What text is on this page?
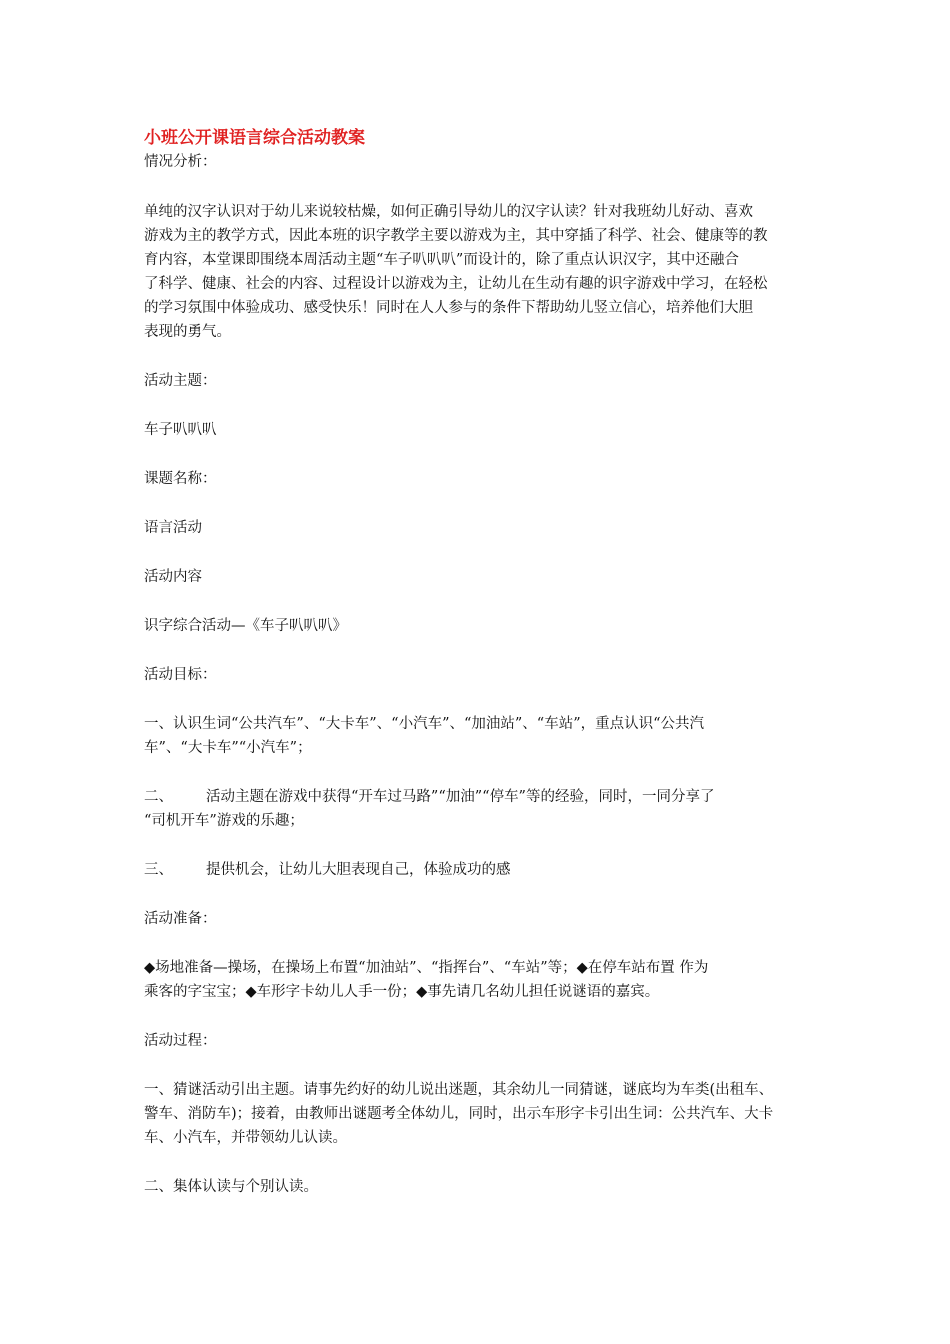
小班公开课语言综合活动教案

情况分析：

单纯的汉字认识对于幼儿来说较枯燥，如何正确引导幼儿的汉字认读？针对我班幼儿好动、喜欢

游戏为主的教学方式，因此本班的识字教学主要以游戏为主，其中穿插了科学、社会、健康等的教

育内容，本堂课即围绕本周活动主题“车子叭叭叭”而设计的，除了重点认识汉字，其中还融合

了科学、健康、社会的内容、过程设计以游戏为主，让幼儿在生动有趣的识字游戏中学习，在轻松

的学习氛围中体验成功、感受快乐！同时在人人参与的条件下帮助幼儿竖立信心，培养他们大胆

表现的勇气。

活动主题：

车子叭叭叭

课题名称：

语言活动

活动内容

识字综合活动—《车子叭叭叭》

活动目标：

一、认识生词“公共汽车”、“大卡车”、“小汽车”、“加油站”、“车站”，重点认识“公共汽

车”、“大卡车”“小汽车”；

二、 活动主题在游戏中获得“开车过马路”“加油”“停车”等的经验，同时，一同分享了

“司机开车”游戏的乐趣；

三、 提供机会，让幼儿大胆表现自己，体验成功的感

活动准备：

◆场地准备—操场，在操场上布置“加油站”、“指挥台”、“车站”等；◆在停车站布置 作为

乘客的字宝宝；◆车形字卡幼儿人手一份；◆事先请几名幼儿担任说谜语的嘉宾。

活动过程：

一、猜谜活动引出主题。请事先约好的幼儿说出迷题，其余幼儿一同猜谜，谜底均为车类(出租车、

警车、消防车)；接着，由教师出谜题考全体幼儿，同时，出示车形字卡引出生词：公共汽车、大卡

车、小汽车，并带领幼儿认读。

二、集体认读与个别认读。
